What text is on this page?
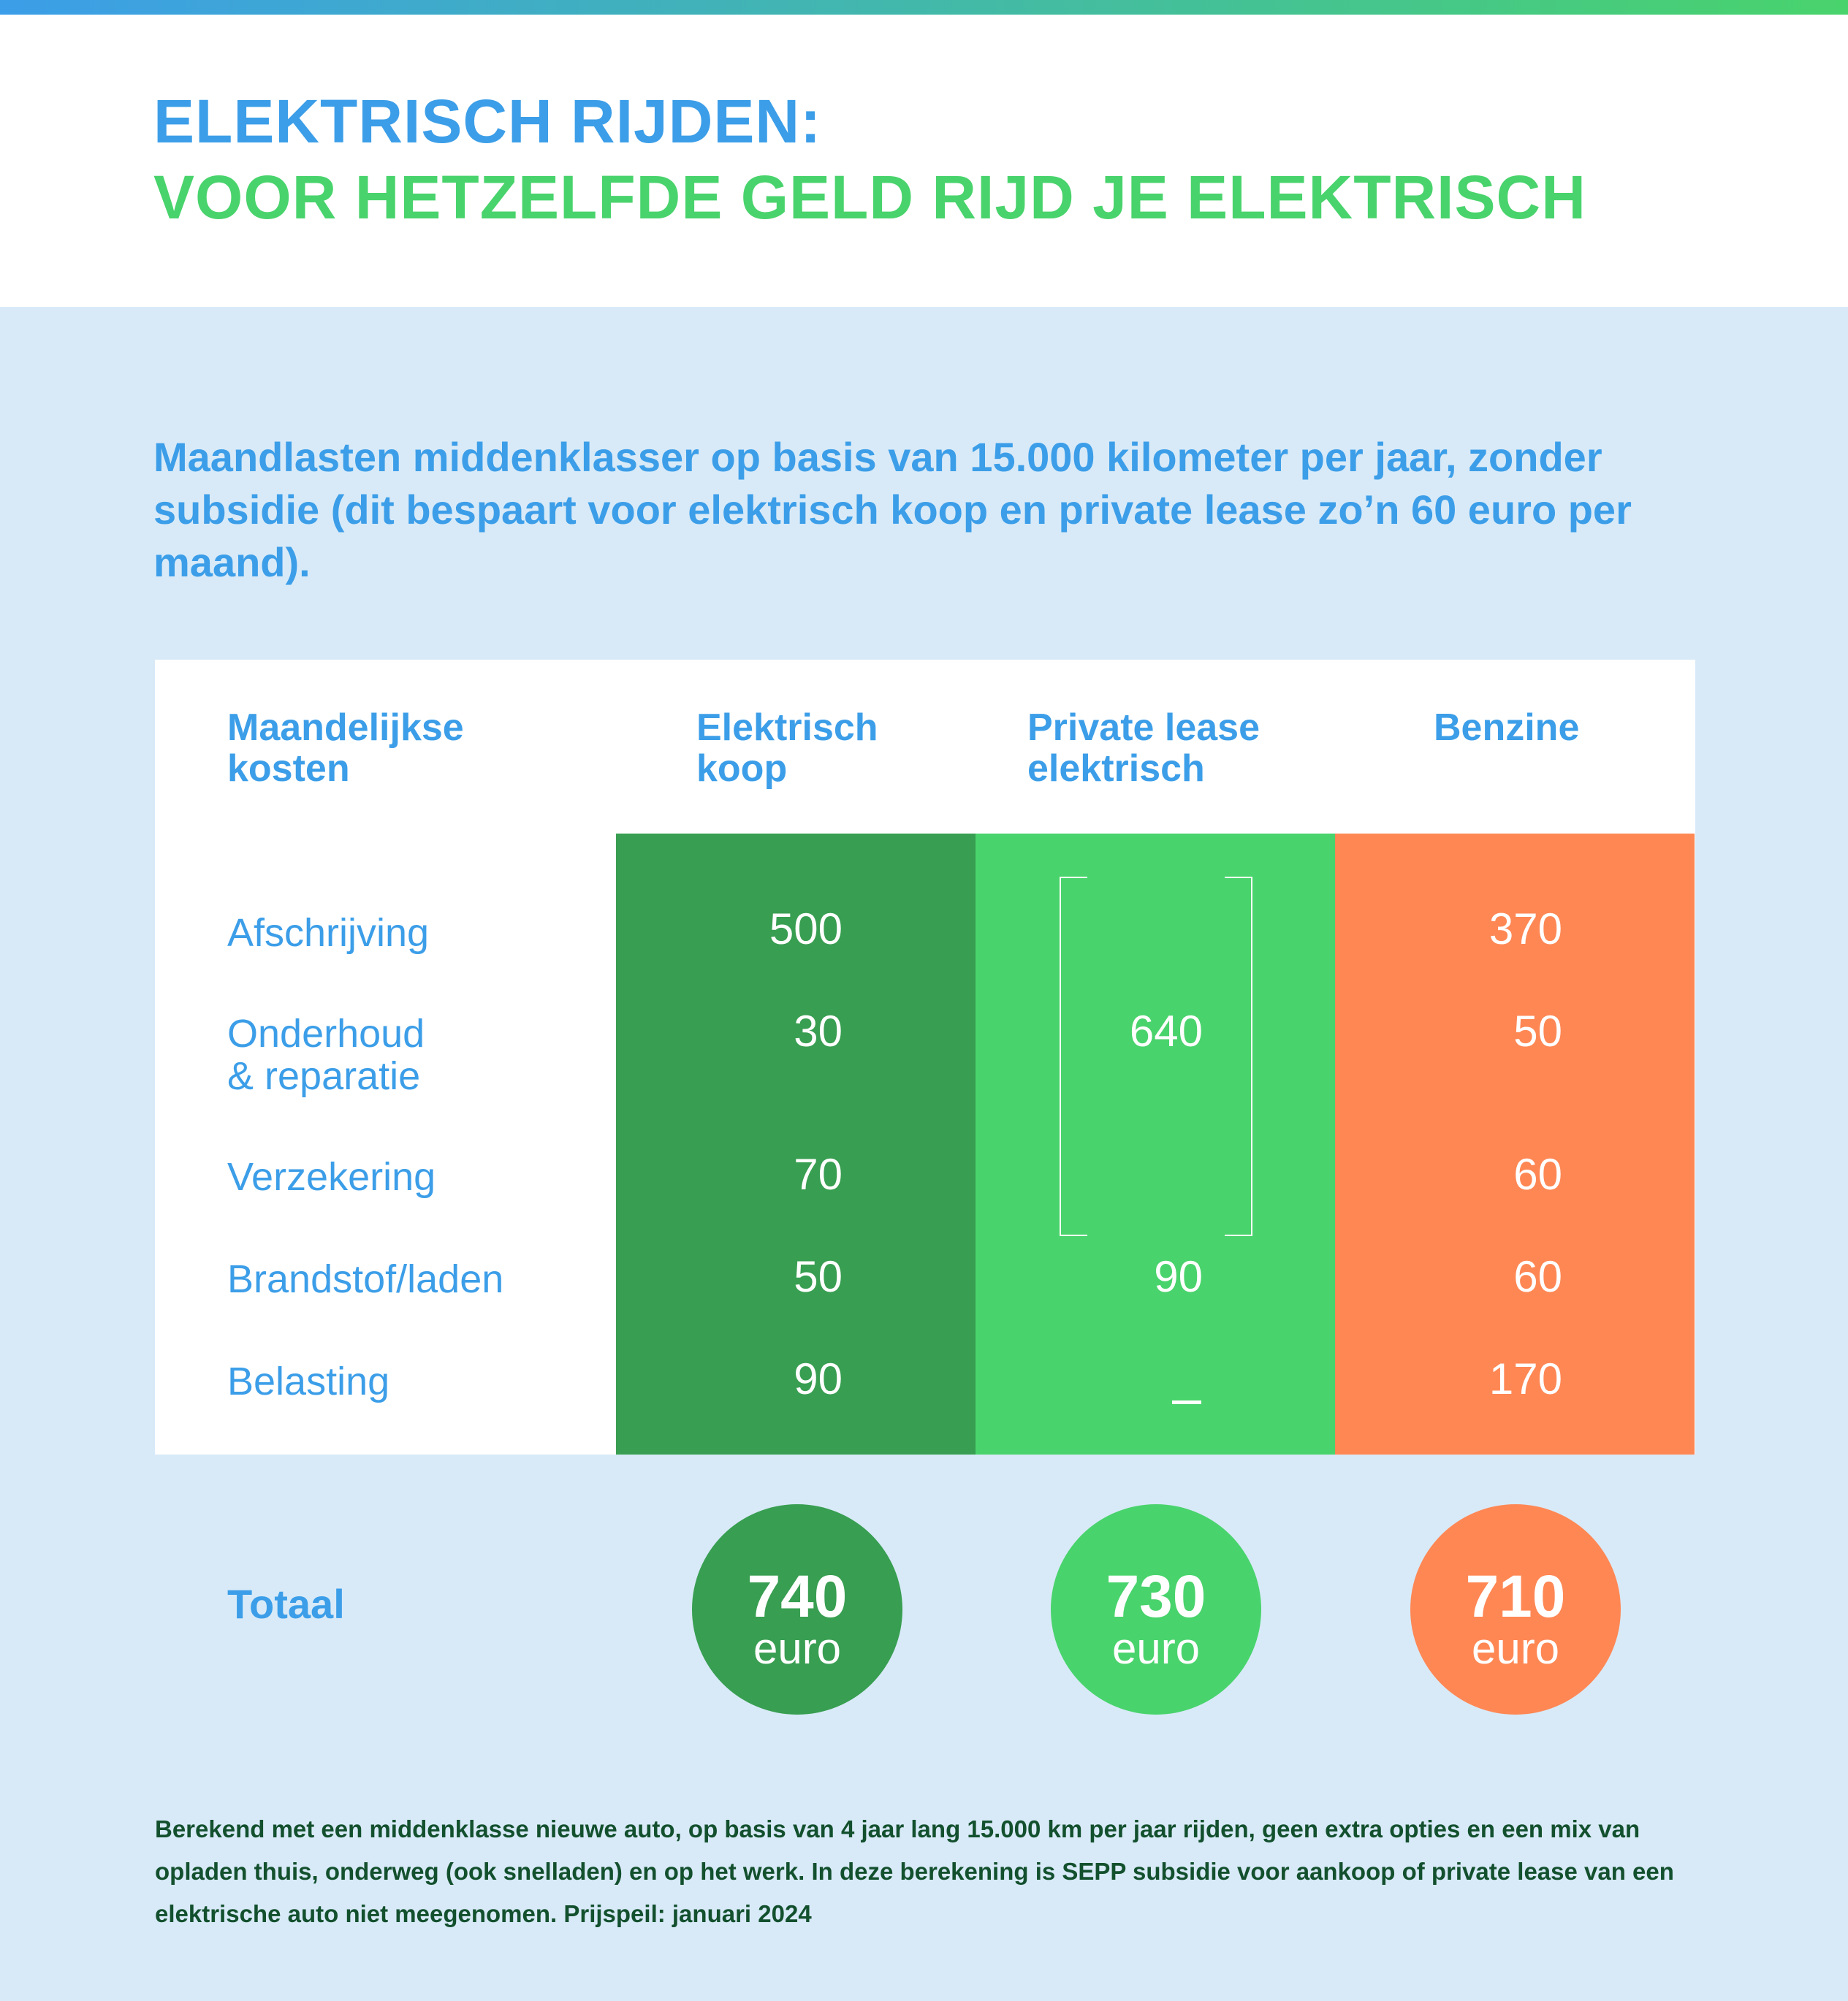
ELEKTRISCH RIJDEN:
VOOR HETZELFDE GELD RIJD JE ELEKTRISCH

Maandlasten middenklasser op basis van 15.000 kilometer per jaar, zonder subsidie (dit bespaart voor elektrisch koop en private lease zo’n 60 euro per maand).

Maandelijkse
kosten
Elektrisch
koop
Private lease
elektrisch
Benzine
Afschrijving
Onderhoud
& reparatie
Verzekering
Brandstof/laden
Belasting
500
30
70
50
90
640
90
370
50
60
60
170
Totaal	740
euro
730
euro
710
euro

Berekend met een middenklasse nieuwe auto, op basis van 4 jaar lang 15.000 km per jaar rijden, geen extra opties en een mix van opladen thuis, onderweg (ook snelladen) en op het werk. In deze berekening is SEPP subsidie voor aankoop of private lease van een elektrische auto niet meegenomen. Prijspeil: januari 2024
